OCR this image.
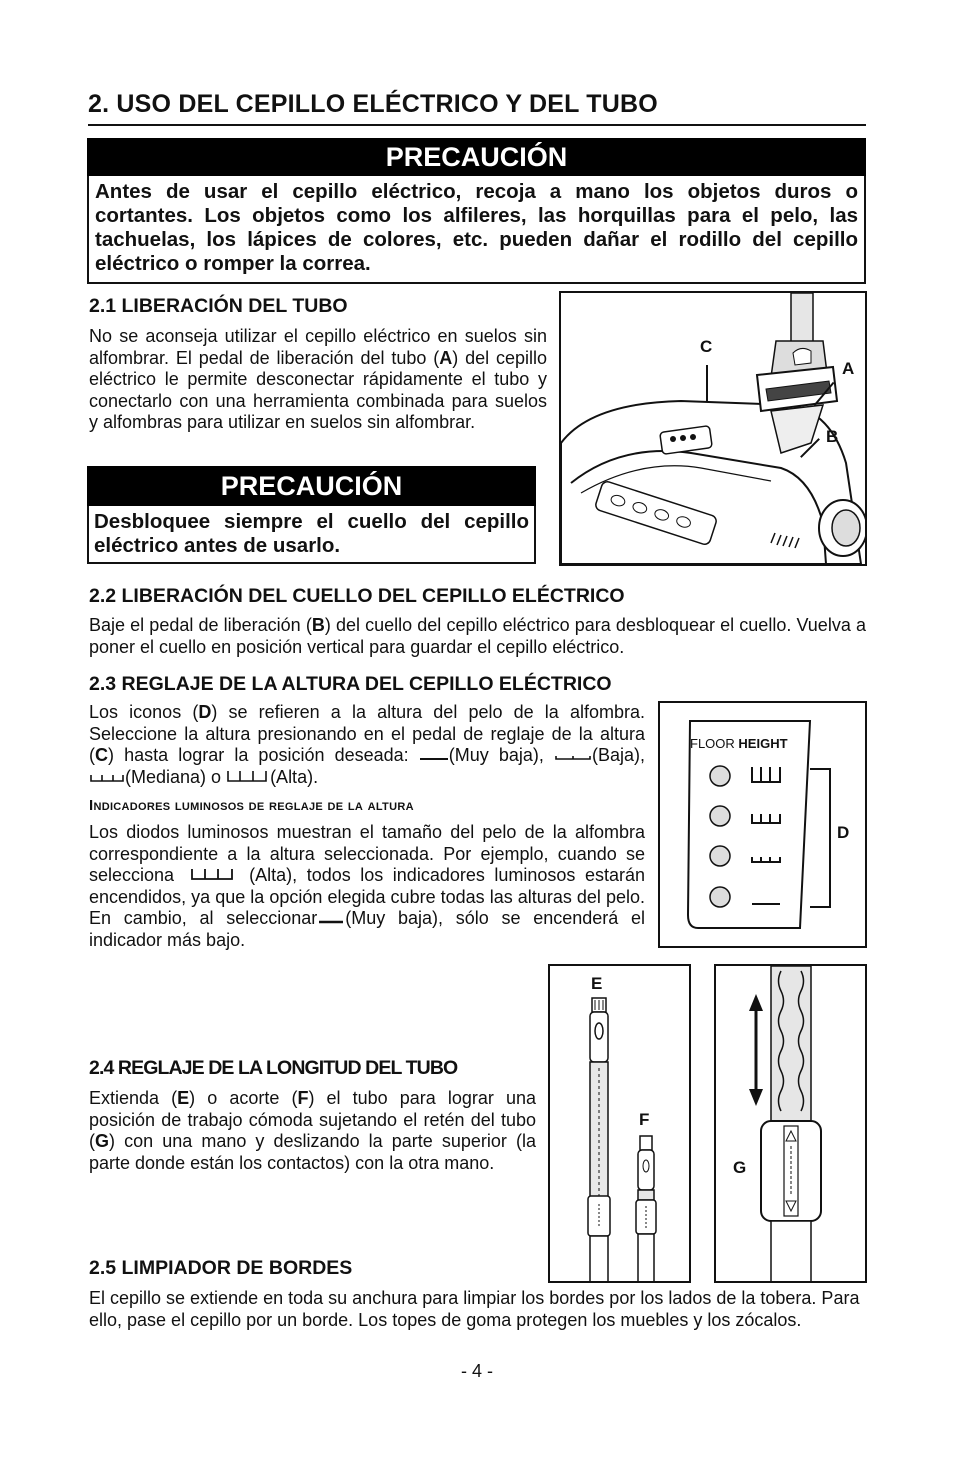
2. USO DEL CEPILLO ELÉCTRICO Y DEL TUBO
PRECAUCIÓN
Antes de usar el cepillo eléctrico, recoja a mano los objetos duros o cortantes. Los objetos como los alfileres, las horquillas para el pelo, las tachuelas, los lápices de colores, etc. pueden dañar el rodillo del cepillo eléctrico o romper la correa.
2.1 LIBERACIÓN DEL TUBO
No se aconseja utilizar el cepillo eléctrico en suelos sin alfombrar. El pedal de liberación del tubo (A) del cepillo eléctrico le permite desconectar rápidamente el tubo y conectarlo con una herramienta combinada para suelos y alfombras para utilizar en suelos sin alfombrar.
PRECAUCIÓN
Desbloquee siempre el cuello del cepillo eléctrico antes de usarlo.
C
A
B
2.2 LIBERACIÓN DEL CUELLO DEL CEPILLO ELÉCTRICO
Baje el pedal de liberación (B) del cuello del cepillo eléctrico para desbloquear el cuello. Vuelva a poner el cuello en posición vertical para guardar el cepillo eléctrico.
2.3 REGLAJE DE LA ALTURA DEL CEPILLO ELÉCTRICO
Los iconos (D) se refieren a la altura del pelo de la alfombra. Seleccione la altura presionando en el pedal de reglaje de la altura (C) hasta lograr la posición deseada: (Muy baja),	(Baja), (Mediana) o	(Alta).
Indicadores luminosos de reglaje de la altura
Los diodos luminosos muestran el tamaño del pelo de la alfombra correspondiente a la altura seleccionada. Por ejemplo, cuando se selecciona	(Alta), todos los indicadores luminosos estarán encendidos, ya que la opción elegida cubre todas las alturas del pelo. En cambio, al seleccionar (Muy baja), sólo se encenderá el indicador más bajo.
FLOOR HEIGHT
D
E
F
G
2.4 REGLAJE DE LA LONGITUD DEL TUBO
Extienda (E) o acorte (F) el tubo para lograr una posición de trabajo cómoda sujetando el retén del tubo (G) con una mano y deslizando la parte superior (la parte donde están los contactos) con la otra mano.
2.5 LIMPIADOR DE BORDES
El cepillo se extiende en toda su anchura para limpiar los bordes por los lados de la tobera. Para ello, pase el cepillo por un borde. Los topes de goma protegen los muebles y los zócalos.
- 4 -
